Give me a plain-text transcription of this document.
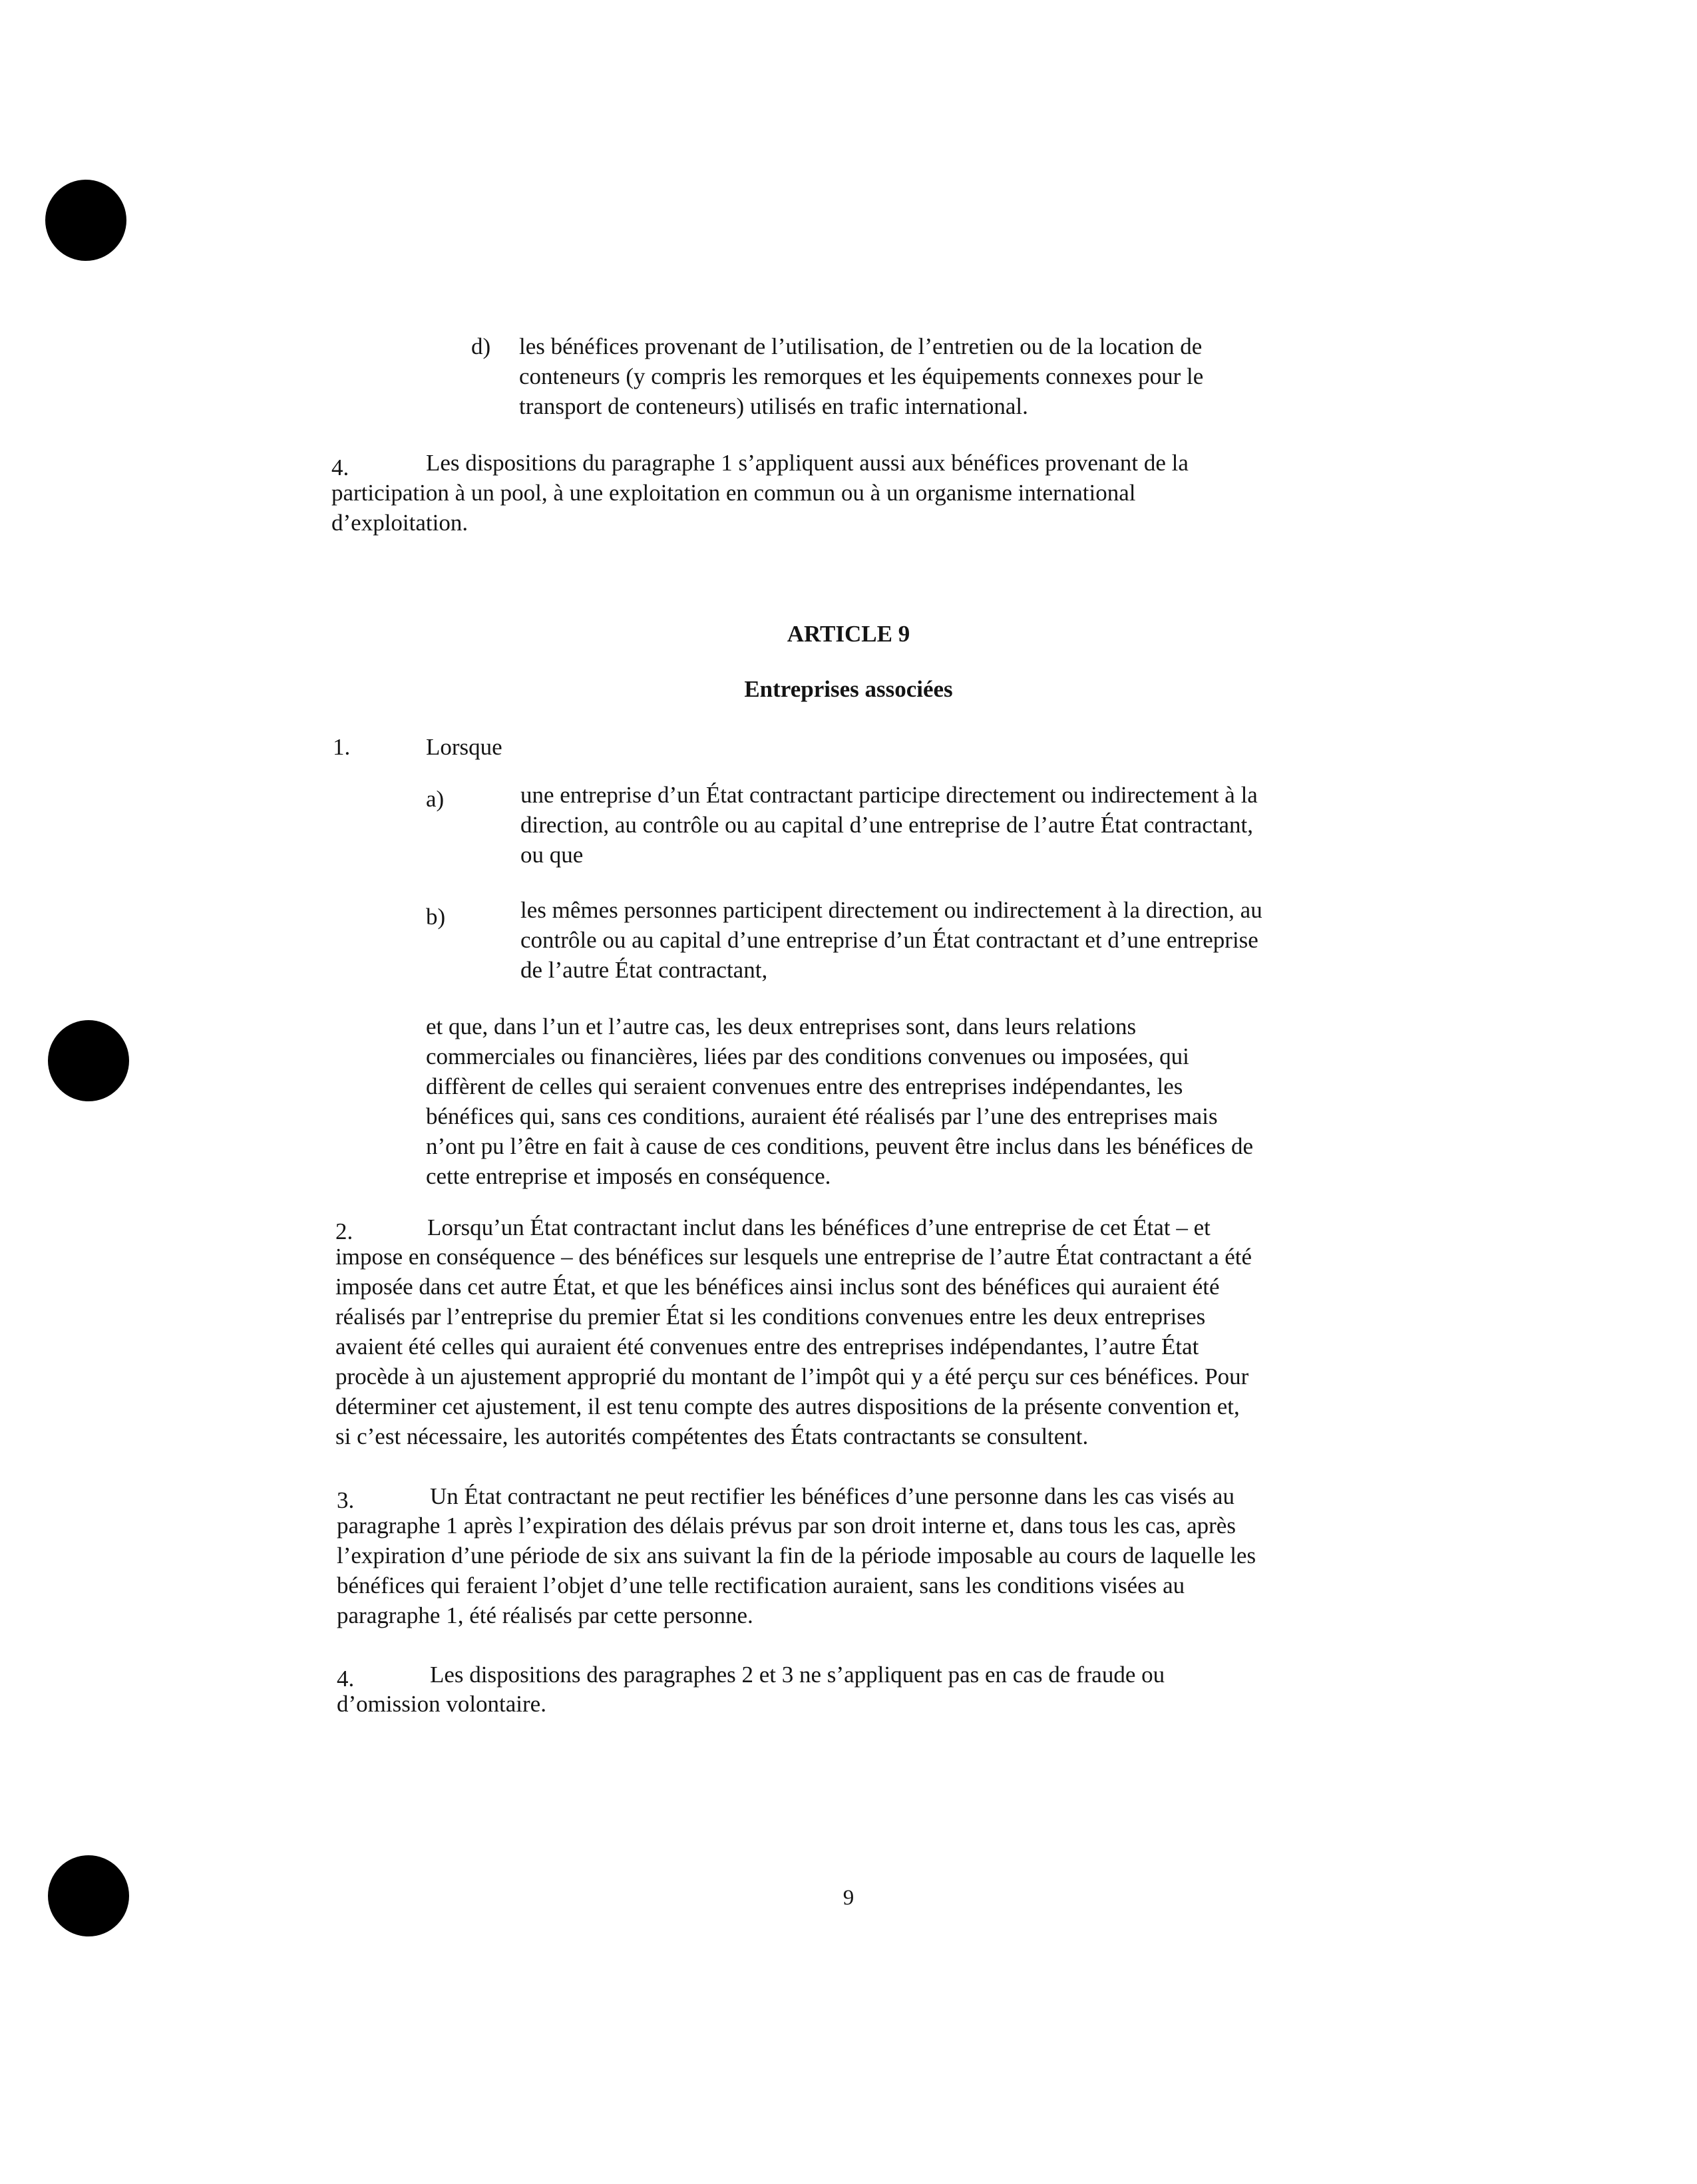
d) les bénéfices provenant de l’utilisation, de l’entretien ou de la location de
conteneurs (y compris les remorques et les équipements connexes pour le
transport de conteneurs) utilisés en trafic international.
4.	Les dispositions du paragraphe 1 s’appliquent aussi aux bénéfices provenant de la
participation à un pool, à une exploitation en commun ou à un organisme international
d’exploitation.
ARTICLE 9
Entreprises associées
1.	Lorsque
a)	une entreprise d’un État contractant participe directement ou indirectement à la
direction, au contrôle ou au capital d’une entreprise de l’autre État contractant,
ou que
b)	les mêmes personnes participent directement ou indirectement à la direction, au
contrôle ou au capital d’une entreprise d’un État contractant et d’une entreprise
de l’autre État contractant,
et que, dans l’un et l’autre cas, les deux entreprises sont, dans leurs relations
commerciales ou financières, liées par des conditions convenues ou imposées, qui
diffèrent de celles qui seraient convenues entre des entreprises indépendantes, les
bénéfices qui, sans ces conditions, auraient été réalisés par l’une des entreprises mais
n’ont pu l’être en fait à cause de ces conditions, peuvent être inclus dans les bénéfices de
cette entreprise et imposés en conséquence.
2.	Lorsqu’un État contractant inclut dans les bénéfices d’une entreprise de cet État – et
impose en conséquence – des bénéfices sur lesquels une entreprise de l’autre État contractant a été
imposée dans cet autre État, et que les bénéfices ainsi inclus sont des bénéfices qui auraient été
réalisés par l’entreprise du premier État si les conditions convenues entre les deux entreprises
avaient été celles qui auraient été convenues entre des entreprises indépendantes, l’autre État
procède à un ajustement approprié du montant de l’impôt qui y a été perçu sur ces bénéfices. Pour
déterminer cet ajustement, il est tenu compte des autres dispositions de la présente convention et,
si c’est nécessaire, les autorités compétentes des États contractants se consultent.
3.	Un État contractant ne peut rectifier les bénéfices d’une personne dans les cas visés au
paragraphe 1 après l’expiration des délais prévus par son droit interne et, dans tous les cas, après
l’expiration d’une période de six ans suivant la fin de la période imposable au cours de laquelle les
bénéfices qui feraient l’objet d’une telle rectification auraient, sans les conditions visées au
paragraphe 1, été réalisés par cette personne.
4.	Les dispositions des paragraphes 2 et 3 ne s’appliquent pas en cas de fraude ou
d’omission volontaire.
9
